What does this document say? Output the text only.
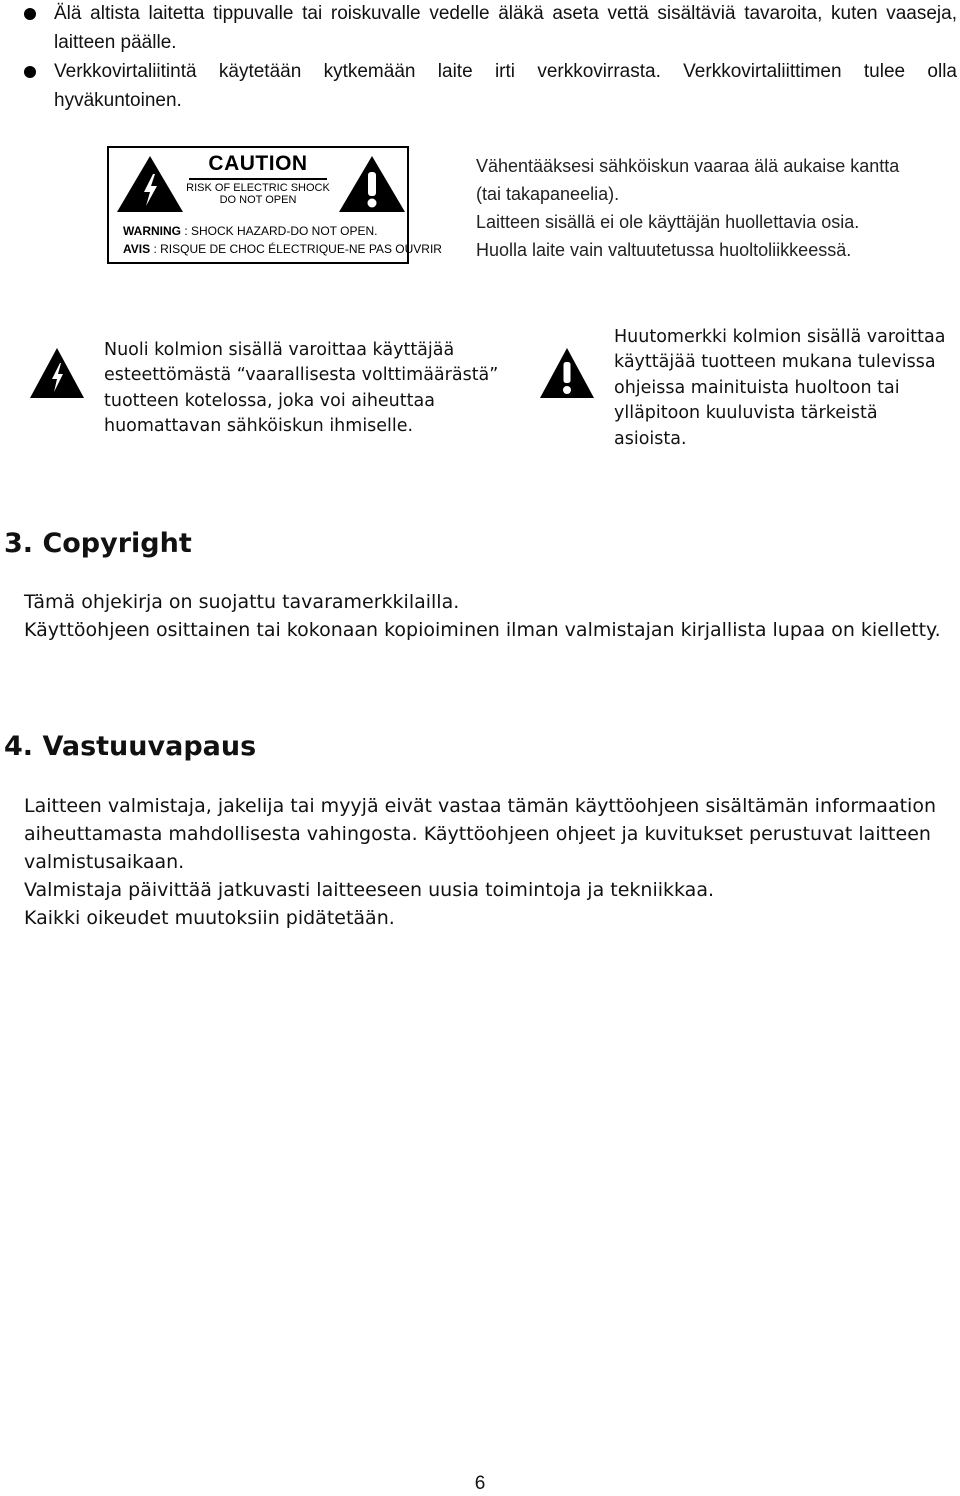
Älä altista laitetta tippuvalle tai roiskuvalle vedelle äläkä aseta vettä sisältäviä tavaroita, kuten vaaseja,
laitteen päälle.
Verkkovirtaliitintä käytetään kytkemään laite irti verkkovirrasta. Verkkovirtaliittimen tulee olla
hyväkuntoinen.
CAUTION
RISK OF ELECTRIC SHOCK
DO NOT OPEN
WARNING : SHOCK HAZARD-DO NOT OPEN.
AVIS : RISQUE DE CHOC ÉLECTRIQUE-NE PAS OUVRIR
Vähentääksesi sähköiskun vaaraa älä aukaise kantta
(tai takapaneelia).
Laitteen sisällä ei ole käyttäjän huollettavia osia.
Huolla laite vain valtuutetussa huoltoliikkeessä.
Nuoli kolmion sisällä varoittaa käyttäjää
esteettömästä “vaarallisesta volttimäärästä”
tuotteen kotelossa, joka voi aiheuttaa
huomattavan sähköiskun ihmiselle.
Huutomerkki kolmion sisällä varoittaa
käyttäjää tuotteen mukana tulevissa
ohjeissa mainituista huoltoon tai
ylläpitoon kuuluvista tärkeistä
asioista.
3. Copyright
Tämä ohjekirja on suojattu tavaramerkkilailla.
Käyttöohjeen osittainen tai kokonaan kopioiminen ilman valmistajan kirjallista lupaa on kielletty.
4. Vastuuvapaus
Laitteen valmistaja, jakelija tai myyjä eivät vastaa tämän käyttöohjeen sisältämän informaation
aiheuttamasta mahdollisesta vahingosta. Käyttöohjeen ohjeet ja kuvitukset perustuvat laitteen
valmistusaikaan.
Valmistaja päivittää jatkuvasti laitteeseen uusia toimintoja ja tekniikkaa.
Kaikki oikeudet muutoksiin pidätetään.
6
